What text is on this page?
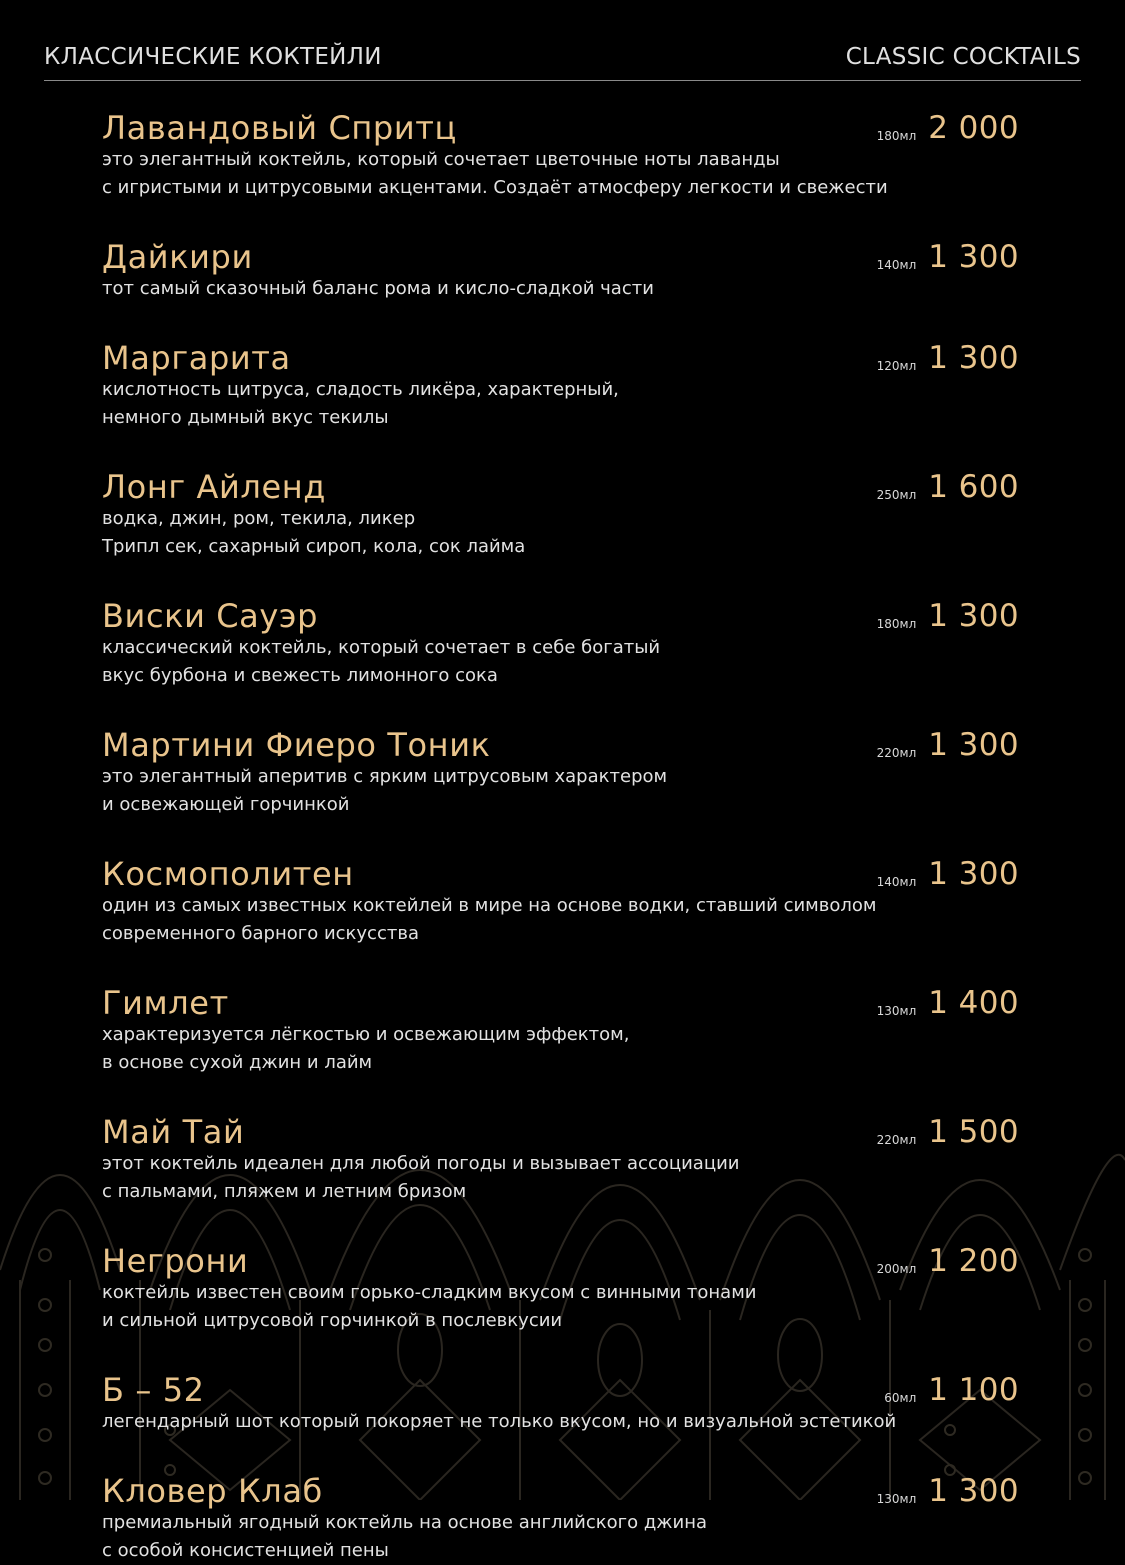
КЛАССИЧЕСКИЕ КОКТЕЙЛИ	CLASSIC COCKTAILS
Лавандовый Спритц	180мл 2 000
это элегантный коктейль, который сочетает цветочные ноты лаванды
с игристыми и цитрусовыми акцентами. Создаёт атмосферу легкости и свежести
Дайкири	140мл 1 300
тот самый сказочный баланс рома и кисло-сладкой части
Маргарита	120мл 1 300
кислотность цитруса, сладость ликёра, характерный,
немного дымный вкус текилы
Лонг Айленд	250мл 1 600
водка, джин, ром, текила, ликер
Трипл сек, сахарный сироп, кола, сок лайма
Виски Сауэр	180мл 1 300
классический коктейль, который сочетает в себе богатый
вкус бурбона и свежесть лимонного сока
Мартини Фиеро Тоник	220мл 1 300
это элегантный аперитив с ярким цитрусовым характером
и освежающей горчинкой
Космополитен	140мл 1 300
один из самых известных коктейлей в мире на основе водки, ставший символом
современного барного искусства
Гимлет	130мл 1 400
характеризуется лёгкостью и освежающим эффектом,
в основе сухой джин и лайм
Май Тай	220мл 1 500
этот коктейль идеален для любой погоды и вызывает ассоциации
с пальмами, пляжем и летним бризом
Негрони	200мл 1 200
коктейль известен своим горько-сладким вкусом с винными тонами
и сильной цитрусовой горчинкой в послевкусии
Б – 52	60мл 1 100
легендарный шот который покоряет не только вкусом, но и визуальной эстетикой
Кловер Клаб	130мл 1 300
премиальный ягодный коктейль на основе английского джина
с особой консистенцией пены
